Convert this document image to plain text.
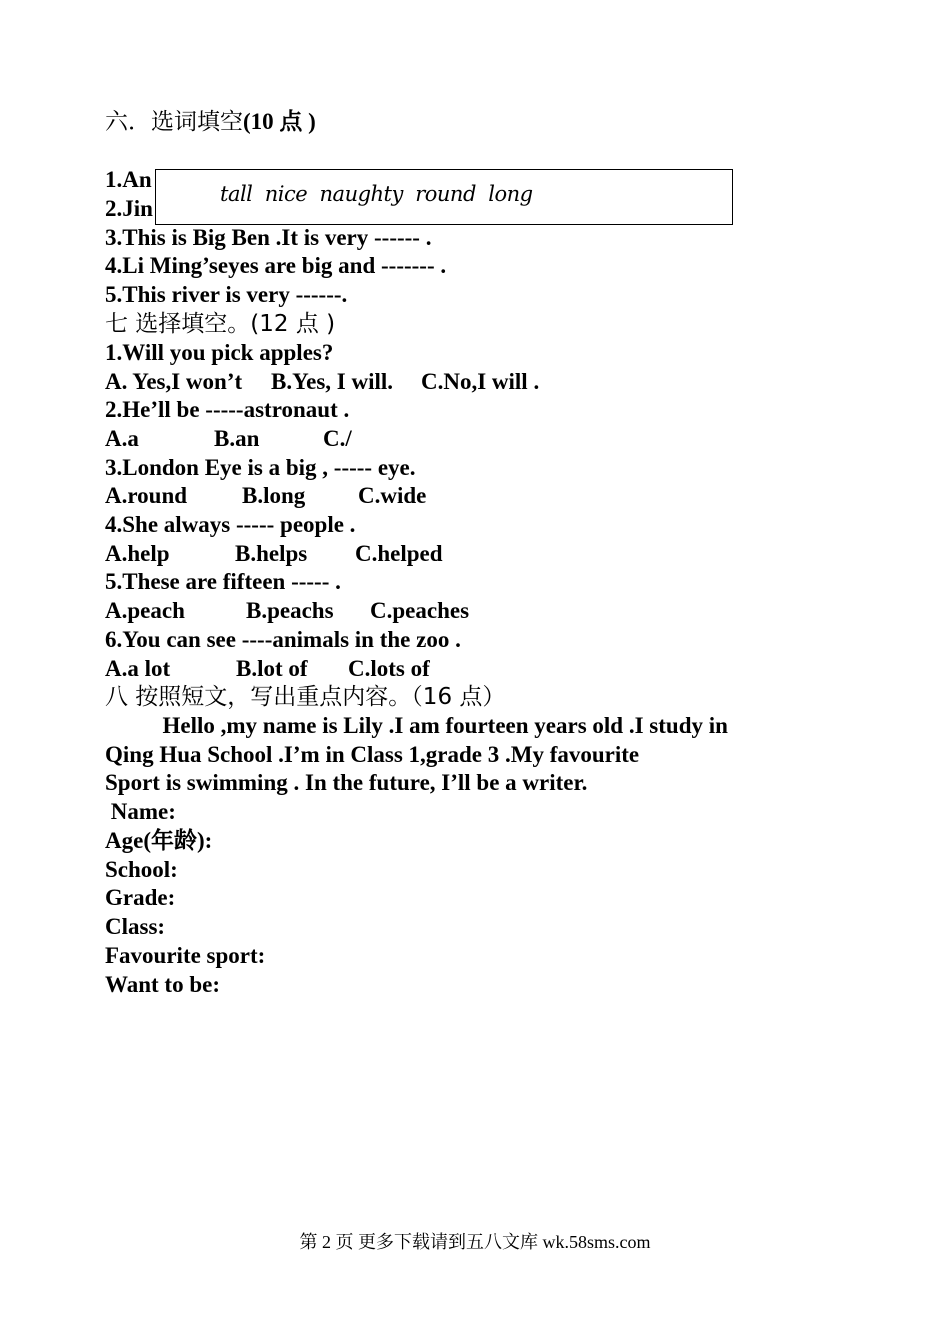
六．选词填空(10 点 )
1.An
2.Jin
tall  nice  naughty  round  long
3.This is Big Ben .It is very ------ .
4.Li Ming’seyes are big and ------- .
5.This river is very ------.
七 选择填空。(12 点 )
1.Will you pick apples?
A. Yes,I won’t B.Yes, I will. C.No,I will .
2.He’ll be -----astronaut .
A.a	B.an	C./
3.London Eye is a big , ----- eye.
A.round B.long C.wide
4.She always ----- people .
A.help	B.helps C.helped
5.These are fifteen ----- .
A.peach	B.peachs C.peaches
6.You can see ----animals in the zoo .
A.a lot	B.lot of C.lots of
八 按照短文，写出重点内容。（16 点）
Hello ,my name is Lily .I am fourteen years old .I study in
Qing Hua School .I’m in Class 1,grade 3 .My favourite
Sport is swimming . In the future, I’ll be a writer.
Name:
Age(年龄):
School:
Grade:
Class:
Favourite sport:
Want to be:
第 2 页 更多下载请到五八文库 wk.58sms.com
